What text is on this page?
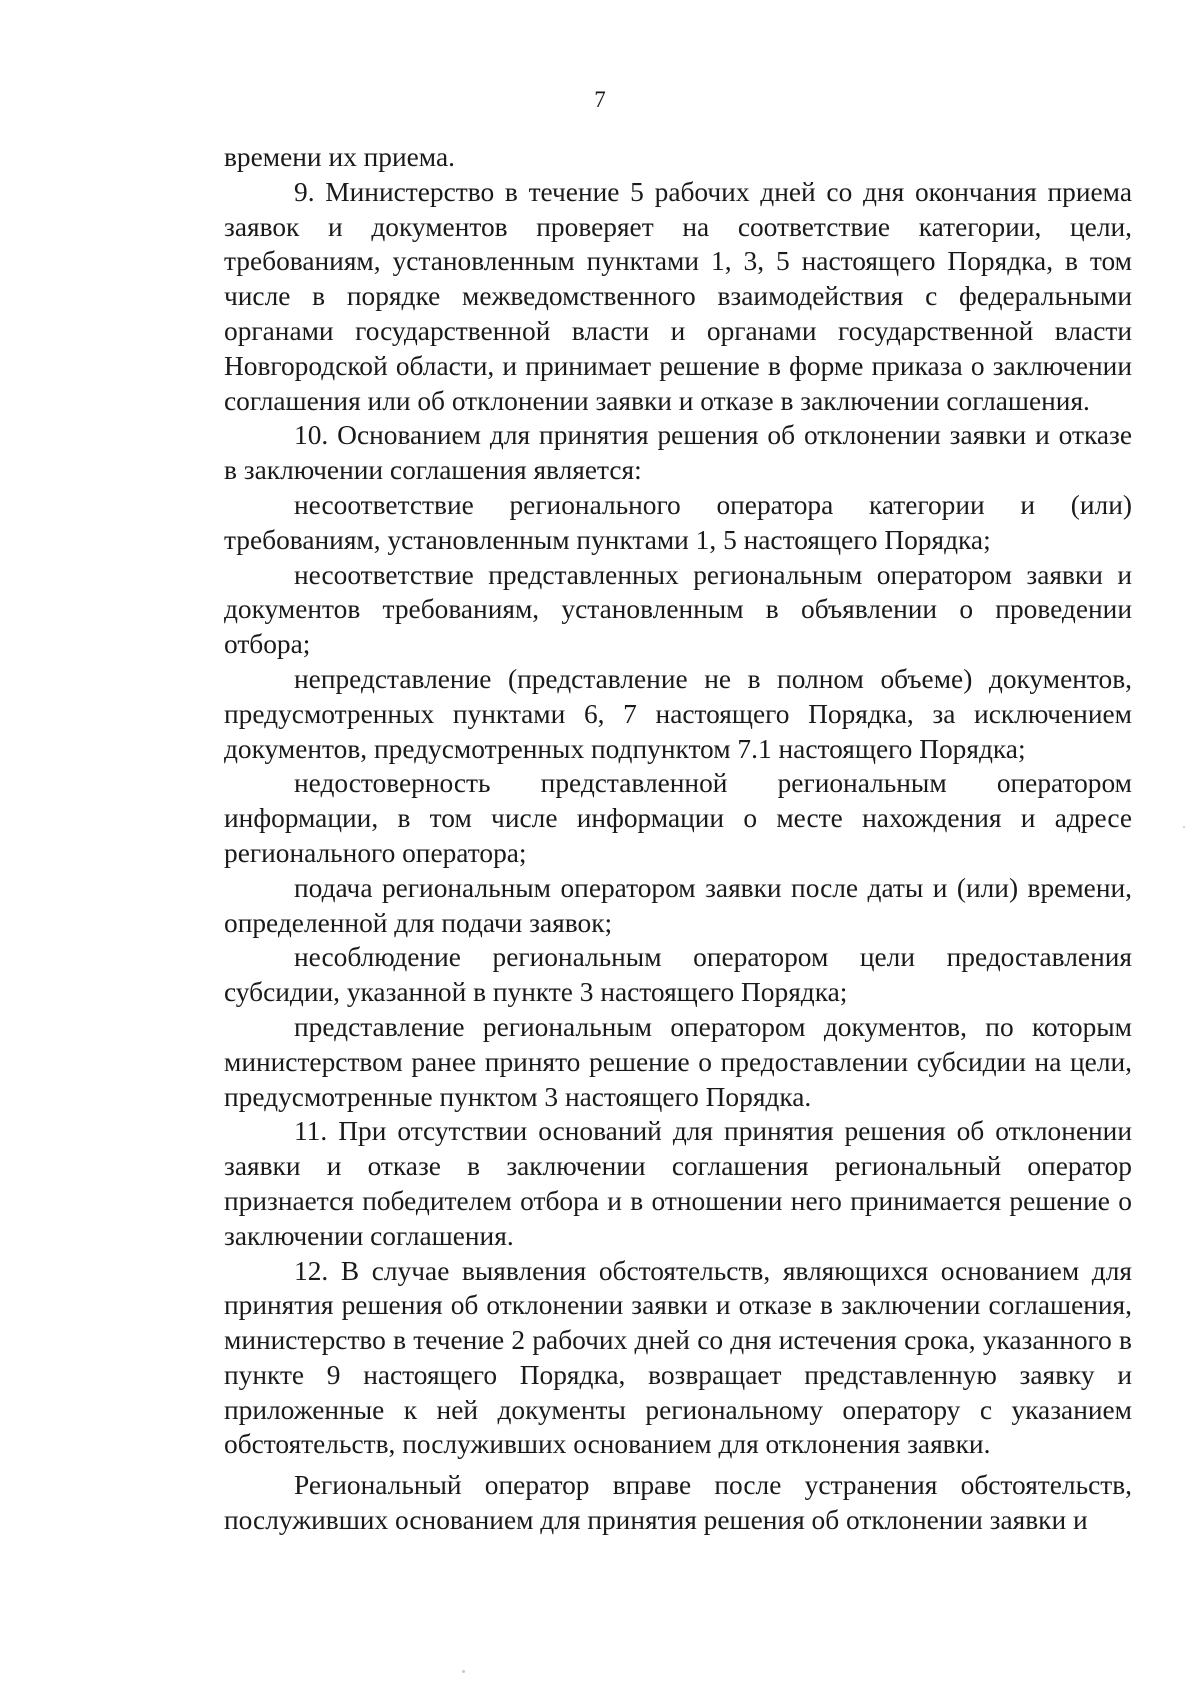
7

времени их приема.

9. Министерство в течение 5 рабочих дней со дня окончания приема заявок и документов проверяет на соответствие категории, цели, требованиям, установленным пунктами 1, 3, 5 настоящего Порядка, в том числе в порядке межведомственного взаимодействия с федеральными органами государственной власти и органами государственной власти Новгородской области, и принимает решение в форме приказа о заключении соглашения или об отклонении заявки и отказе в заключении соглашения.

10. Основанием для принятия решения об отклонении заявки и отказе в заключении соглашения является:

несоответствие регионального оператора категории и (или) требованиям, установленным пунктами 1, 5 настоящего Порядка;

несоответствие представленных региональным оператором заявки и документов требованиям, установленным в объявлении о проведении отбора;

непредставление (представление не в полном объеме) документов, предусмотренных пунктами 6, 7 настоящего Порядка, за исключением документов, предусмотренных подпунктом 7.1 настоящего Порядка;

недостоверность представленной региональным оператором информации, в том числе информации о месте нахождения и адресе регионального оператора;

подача региональным оператором заявки после даты и (или) времени, определенной для подачи заявок;

несоблюдение региональным оператором цели предоставления субсидии, указанной в пункте 3 настоящего Порядка;

представление региональным оператором документов, по которым министерством ранее принято решение о предоставлении субсидии на цели, предусмотренные пунктом 3 настоящего Порядка.

11. При отсутствии оснований для принятия решения об отклонении заявки и отказе в заключении соглашения региональный оператор признается победителем отбора и в отношении него принимается решение о заключении соглашения.

12. В случае выявления обстоятельств, являющихся основанием для принятия решения об отклонении заявки и отказе в заключении соглашения, министерство в течение 2 рабочих дней со дня истечения срока, указанного в пункте 9 настоящего Порядка, возвращает представленную заявку и приложенные к ней документы региональному оператору с указанием обстоятельств, послуживших основанием для отклонения заявки.

Региональный оператор вправе после устранения обстоятельств, послуживших основанием для принятия решения об отклонении заявки и
